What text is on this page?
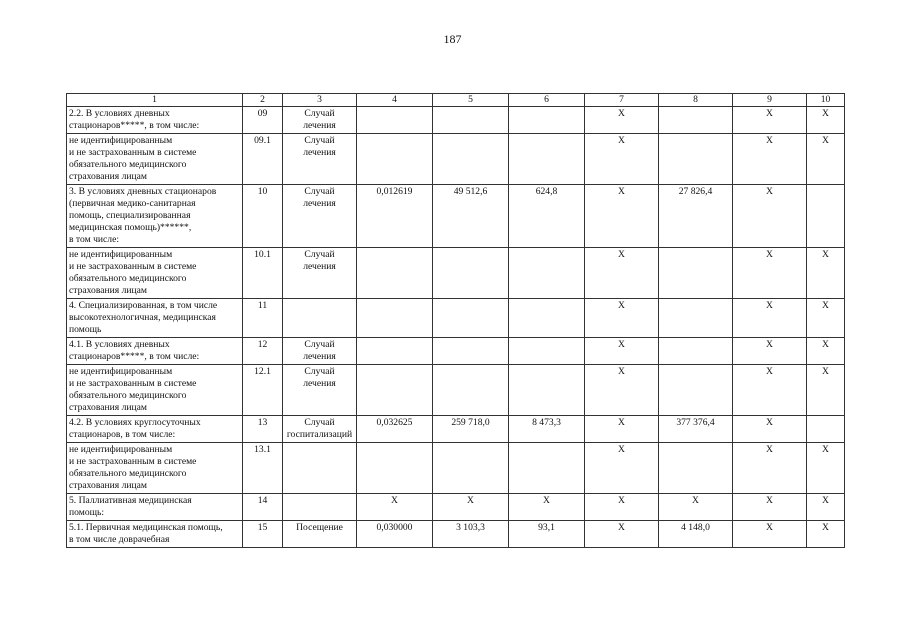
187
1	2	3	4	5	6	7	8	9	10
2.2. В условиях дневных
стационаров*****, в том числе:	09	Случай
лечения				Х		Х	Х
не идентифицированным
и не застрахованным в системе
обязательного медицинского
страхования лицам	09.1	Случай
лечения				Х		Х	Х
3. В условиях дневных стационаров
(первичная медико-санитарная
помощь, специализированная
медицинская помощь)******,
в том числе:	10	Случай
лечения	0,012619	49 512,6	624,8	Х	27 826,4	Х	
не идентифицированным
и не застрахованным в системе
обязательного медицинского
страхования лицам	10.1	Случай
лечения				Х		Х	Х
4. Специализированная, в том числе
высокотехнологичная, медицинская
помощь	11					Х		Х	Х
4.1. В условиях дневных
стационаров*****, в том числе:	12	Случай
лечения				Х		Х	Х
не идентифицированным
и не застрахованным в системе
обязательного медицинского
страхования лицам	12.1	Случай
лечения				Х		Х	Х
4.2. В условиях круглосуточных
стационаров, в том числе:	13	Случай
госпитализаций	0,032625	259 718,0	8 473,3	Х	377 376,4	Х	
не идентифицированным
и не застрахованным в системе
обязательного медицинского
страхования лицам	13.1					Х		Х	Х
5. Паллиативная медицинская
помощь:	14		Х	Х	Х	Х	Х	Х	Х
5.1. Первичная медицинская помощь,
в том числе доврачебная	15	Посещение	0,030000	3 103,3	93,1	Х	4 148,0	Х	Х
